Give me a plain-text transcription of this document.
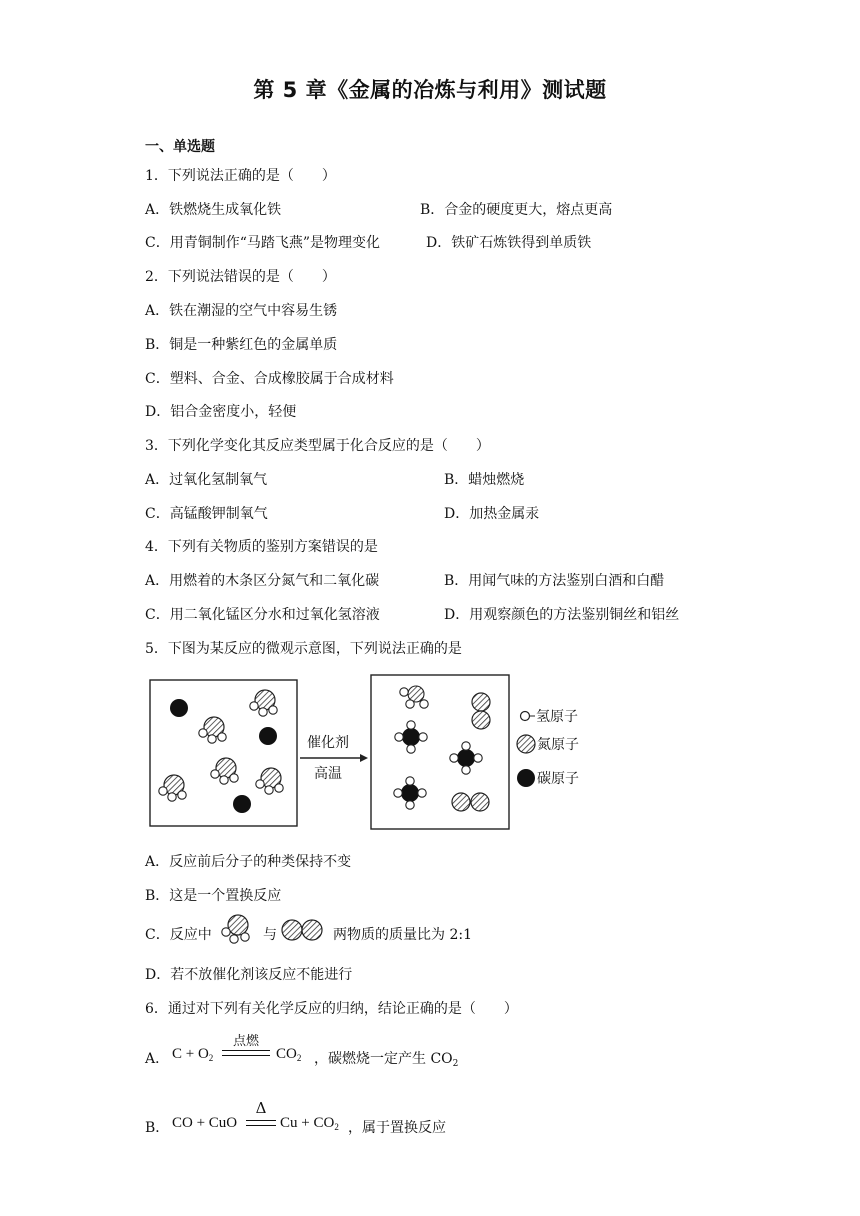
第 5 章《金属的冶炼与利用》测试题
一、单选题
1．下列说法正确的是（　　）
A．铁燃烧生成氧化铁	B．合金的硬度更大，熔点更高
C．用青铜制作“马踏飞燕”是物理变化	D．铁矿石炼铁得到单质铁
2．下列说法错误的是（　　）
A．铁在潮湿的空气中容易生锈
B．铜是一种紫红色的金属单质
C．塑料、合金、合成橡胶属于合成材料
D．铝合金密度小，轻便
3．下列化学变化其反应类型属于化合反应的是（　　）
A．过氧化氢制氧气	B．蜡烛燃烧
C．高锰酸钾制氧气	D．加热金属汞
4．下列有关物质的鉴别方案错误的是
A．用燃着的木条区分氮气和二氧化碳	B．用闻气味的方法鉴别白酒和白醋
C．用二氧化锰区分水和过氧化氢溶液	D．用观察颜色的方法鉴别铜丝和铝丝
5．下图为某反应的微观示意图，下列说法正确的是
催化剂
高温
氢原子
氮原子
碳原子
A．反应前后分子的种类保持不变
B．这是一个置换反应
C．反应中	与	两物质的质量比为 2:1
D．若不放催化剂该反应不能进行
6．通过对下列有关化学反应的归纳，结论正确的是（　　）
A． $C + O_2$
点燃
$CO_2$ ，碳燃烧一定产生 $CO_2$
B． CO + CuO
Δ
$Cu + CO_2$ ，属于置换反应
